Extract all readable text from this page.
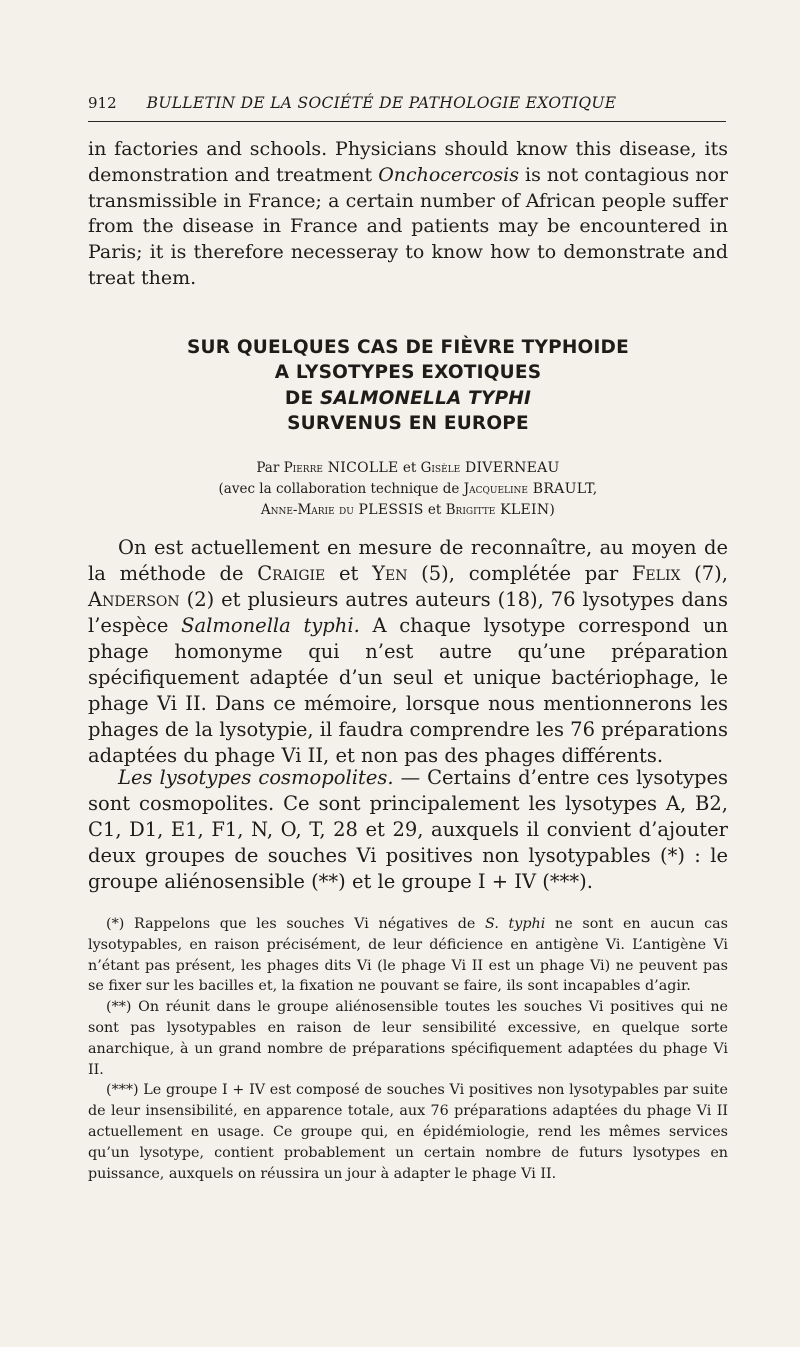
912 BULLETIN DE LA SOCIÉTÉ DE PATHOLOGIE EXOTIQUE

in factories and schools. Physicians should know this disease, its demonstration and treatment Onchocercosis is not contagious nor transmissible in France; a certain number of African people suffer from the disease in France and patients may be encountered in Paris; it is therefore necesseray to know how to demonstrate and treat them.

SUR QUELQUES CAS DE FIÈVRE TYPHOIDE
A LYSOTYPES EXOTIQUES
DE SALMONELLA TYPHI
SURVENUS EN EUROPE
Par Pierre NICOLLE et Gisèle DIVERNEAU
(avec la collaboration technique de Jacqueline BRAULT,
Anne-Marie du PLESSIS et Brigitte KLEIN)

On est actuellement en mesure de reconnaître, au moyen de la méthode de Craigie et Yen (5), complétée par Felix (7), Anderson (2) et plusieurs autres auteurs (18), 76 lysotypes dans l’espèce Salmonella typhi. A chaque lysotype correspond un phage homonyme qui n’est autre qu’une préparation spécifiquement adaptée d’un seul et unique bactériophage, le phage Vi II. Dans ce mémoire, lorsque nous mentionnerons les phages de la lysotypie, il faudra comprendre les 76 préparations adaptées du phage Vi II, et non pas des phages différents.

Les lysotypes cosmopolites. — Certains d’entre ces lysotypes sont cosmopolites. Ce sont principalement les lysotypes A, B2, C1, D1, E1, F1, N, O, T, 28 et 29, auxquels il convient d’ajouter deux groupes de souches Vi positives non lysotypables (*) : le groupe aliénosensible (**) et le groupe I + IV (***).

(*) Rappelons que les souches Vi négatives de S. typhi ne sont en aucun cas lysotypables, en raison précisément, de leur déficience en antigène Vi. L’antigène Vi n’étant pas présent, les phages dits Vi (le phage Vi II est un phage Vi) ne peuvent pas se fixer sur les bacilles et, la fixation ne pouvant se faire, ils sont incapables d’agir.

(**) On réunit dans le groupe aliénosensible toutes les souches Vi positives qui ne sont pas lysotypables en raison de leur sensibilité excessive, en quelque sorte anarchique, à un grand nombre de préparations spécifiquement adaptées du phage Vi II.

(***) Le groupe I + IV est composé de souches Vi positives non lysotypables par suite de leur insensibilité, en apparence totale, aux 76 préparations adaptées du phage Vi II actuellement en usage. Ce groupe qui, en épidémiologie, rend les mêmes services qu’un lysotype, contient probablement un certain nombre de futurs lysotypes en puissance, auxquels on réussira un jour à adapter le phage Vi II.
